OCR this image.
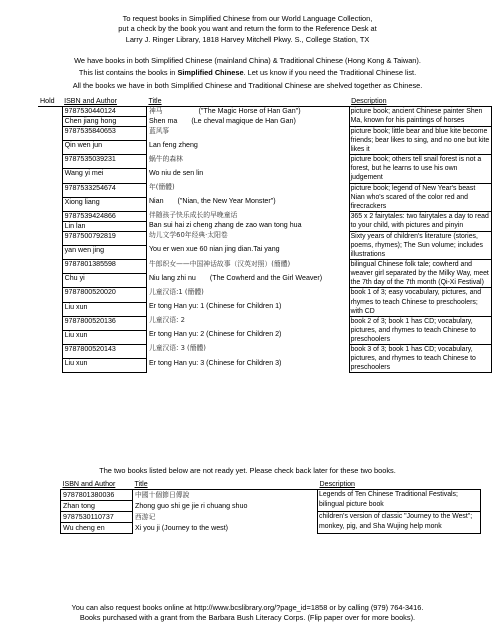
To request books in Simplified Chinese from our World Language Collection,
put a check by the book you want and return the form to the Reference Desk at
Larry J. Ringer Library, 1818 Harvey Mitchell Pkwy. S., College Station, TX
We have books in both Simplified Chinese (mainland China) & Traditional Chinese (Hong Kong & Taiwan).
This list contains the books in Simplified Chinese. Let us know if you need the Traditional Chinese list.
All the books we have in both Simplified Chinese and Traditional Chinese are shelved together as Chinese.
Hold	ISBN and Author	Title	Description
	9787530440124	神马 ("The Magic Horse of Han Gan")	picture book; ancient Chinese painter Shen Ma, known for his paintings of horses
	Chen jiang hong	Shen ma (Le cheval magique de Han Gan)	
	9787535840653	蓝风筝	picture book; little bear and blue kite become friends; bear likes to sing, and no one but kite likes it
	Qin wen jun	Lan feng zheng	
	9787535039231	蜗牛的森林	picture book; others tell snail forest is not a forest, but he learns to use his own judgement
	Wang yi mei	Wo niu de sen lin	
	9787533254674	年(簡體)	picture book; legend of New Year's beast Nian who's scared of the color red and firecrackers
	Xiong liang	Nian ("Nian, the New Year Monster")	
	9787539424866	伴随孩子快乐成长的早晚童话	365 x 2 fairytales: two fairytales a day to read to your child, with pictures and pinyin
	Lin lan	Ban sui hai zi cheng zhang de zao wan tong hua	
	9787500792819	幼儿文学60年经典·太阳卷	Sixty years of children's literature (stories, poems, rhymes); The Sun volume; includes illustrations
	yan wen jing	You er wen xue 60 nian jing dian.Tai yang	
	9787801385598	牛郎织女——中国神话故事（汉英对照）(簡體)	bilingual Chinese folk tale; cowherd and weaver girl separated by the Milky Way, meet the 7th day of the 7th month (Qi-Xi Festival)
	Chu yi	Niu lang zhi nu (The Cowherd and the Girl Weaver)	
	9787800520020	儿童汉语:1 (簡體)	book 1 of 3; easy vocabulary, pictures, and rhymes to teach Chinese to preschoolers; with CD
	Liu xun	Er tong Han yu: 1 (Chinese for Children 1)	
	9787800520136	儿童汉语: 2	book 2 of 3; book 1 has CD; vocabulary, pictures, and rhymes to teach Chinese to preschoolers
	Liu xun	Er tong Han yu: 2 (Chinese for Children 2)	
	9787800520143	儿童汉语: 3 (簡體)	book 3 of 3; book 1 has CD; vocabulary, pictures, and rhymes to teach Chinese to preschoolers
	Liu xun	Er tong Han yu: 3 (Chinese for Children 3)	
The two books listed below are not ready yet. Please check back later for these two books.
ISBN and Author	Title	Description
9787801380036	中國十個節日傳說	Legends of Ten Chinese Traditional Festivals; bilingual picture book
Zhan tong	Zhong guo shi ge jie ri chuang shuo	
9787530110737	西游记	children's version of classic "Journey to the West"; monkey, pig, and Sha Wujing help monk
Wu cheng en	Xi you ji (Journey to the west)	
You can also request books online at http://www.bcslibrary.org/?page_id=1858 or by calling (979) 764-3416.
Books purchased with a grant from the Barbara Bush Literacy Corps. (Flip paper over for more books).
